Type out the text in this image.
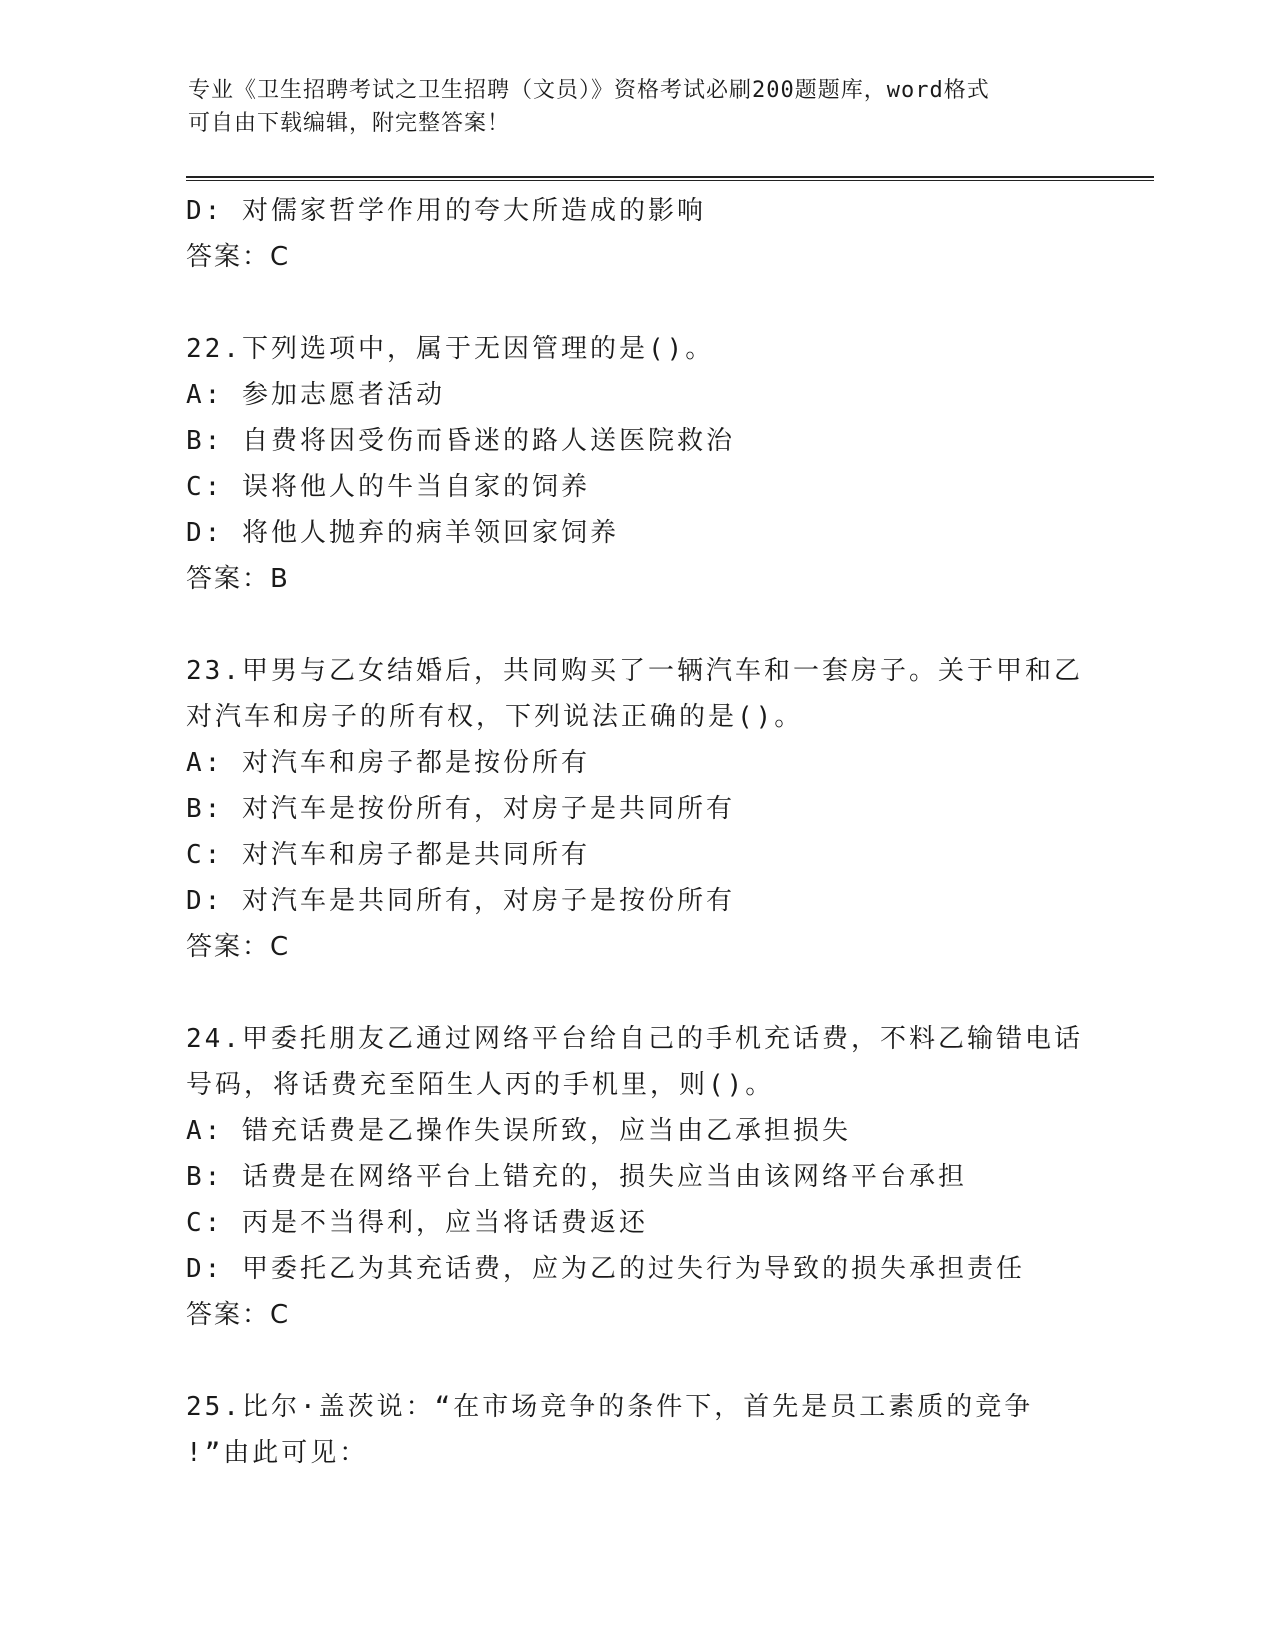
专业《卫生招聘考试之卫生招聘（文员）》资格考试必刷200题题库，word格式
可自由下载编辑，附完整答案！
D: 对儒家哲学作用的夸大所造成的影响
答案：C
22.下列选项中，属于无因管理的是()。
A: 参加志愿者活动
B: 自费将因受伤而昏迷的路人送医院救治
C: 误将他人的牛当自家的饲养
D: 将他人抛弃的病羊领回家饲养
答案：B
23.甲男与乙女结婚后，共同购买了一辆汽车和一套房子。关于甲和乙
对汽车和房子的所有权，下列说法正确的是()。
A: 对汽车和房子都是按份所有
B: 对汽车是按份所有，对房子是共同所有
C: 对汽车和房子都是共同所有
D: 对汽车是共同所有，对房子是按份所有
答案：C
24.甲委托朋友乙通过网络平台给自己的手机充话费，不料乙输错电话
号码，将话费充至陌生人丙的手机里，则()。
A: 错充话费是乙操作失误所致，应当由乙承担损失
B: 话费是在网络平台上错充的，损失应当由该网络平台承担
C: 丙是不当得利，应当将话费返还
D: 甲委托乙为其充话费，应为乙的过失行为导致的损失承担责任
答案：C
25.比尔·盖茨说：“在市场竞争的条件下，首先是员工素质的竞争
!”由此可见：
